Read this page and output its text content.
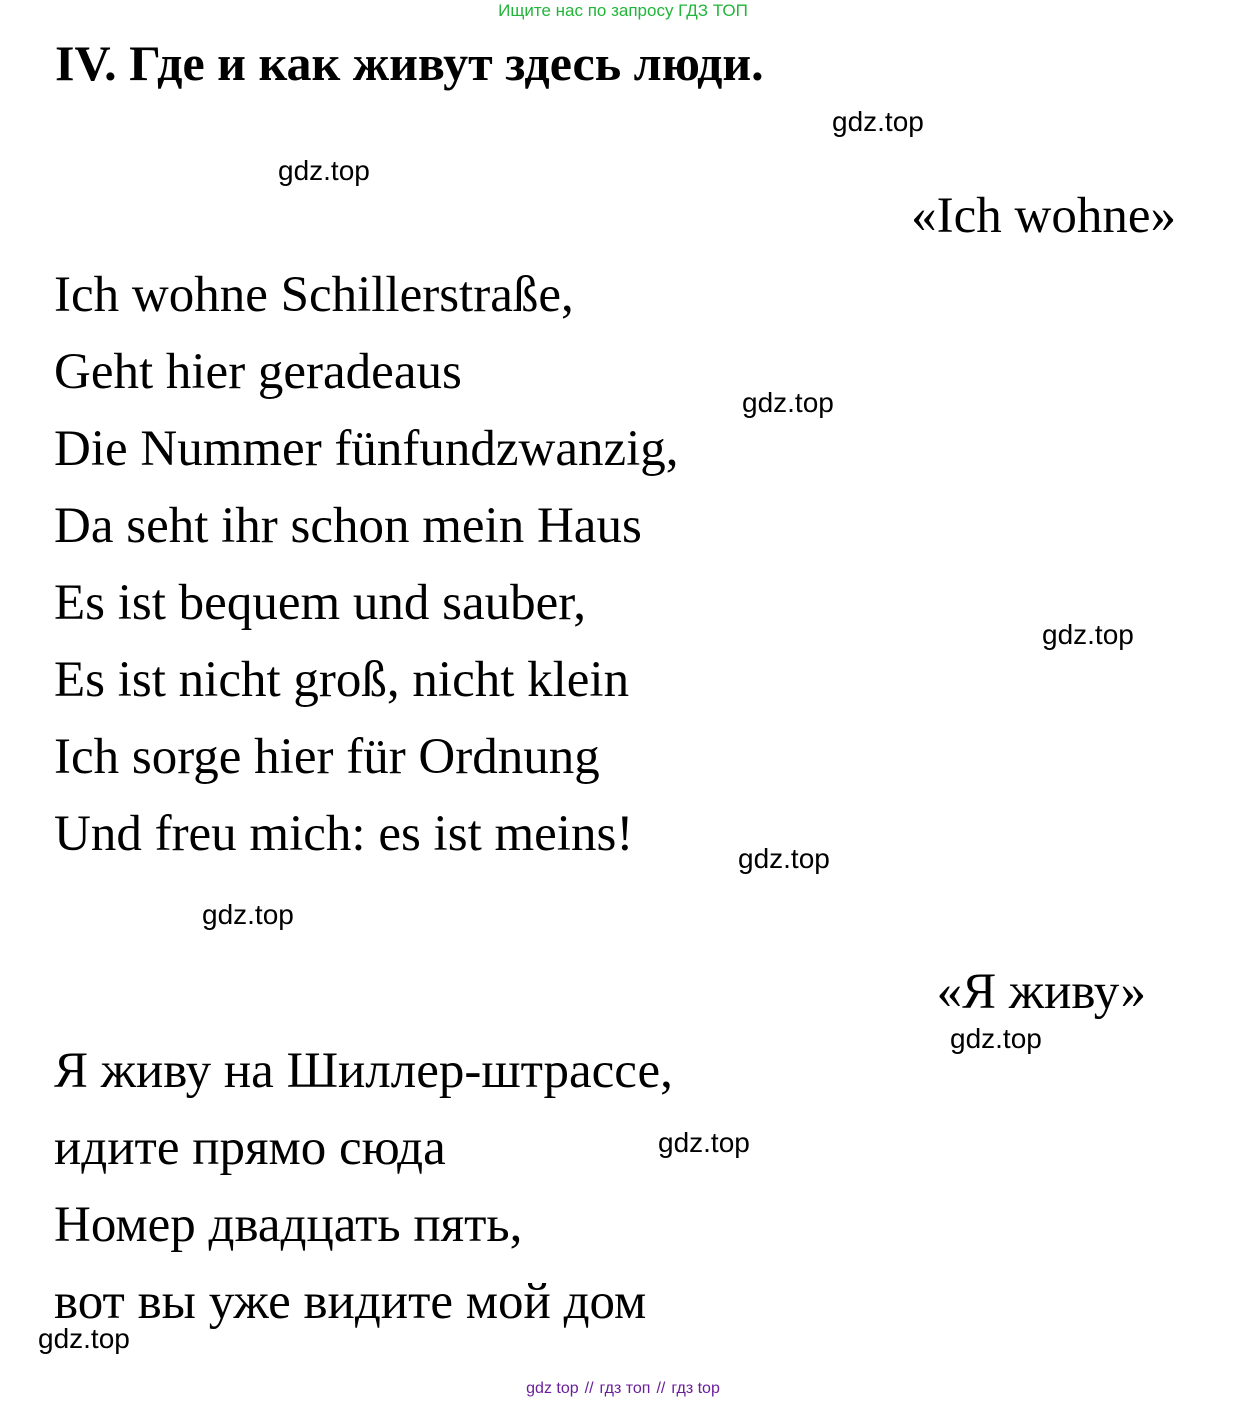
Ищите нас по запросу ГДЗ ТОП
IV. Где и как живут здесь люди.
«Ich wohne»
Ich wohne Schillerstraße,
Geht hier geradeaus
Die Nummer fünfundzwanzig,
Da seht ihr schon mein Haus
Es ist bequem und sauber,
Es ist nicht groß, nicht klein
Ich sorge hier für Ordnung
Und freu mich: es ist meins!
«Я живу»
Я живу на Шиллер-штрассе,
идите прямо сюда
Номер двадцать пять,
вот вы уже видите мой дом
gdz.top
gdz.top
gdz.top
gdz.top
gdz.top
gdz.top
gdz.top
gdz.top
gdz.top
gdz top // гдз топ // гдз top
